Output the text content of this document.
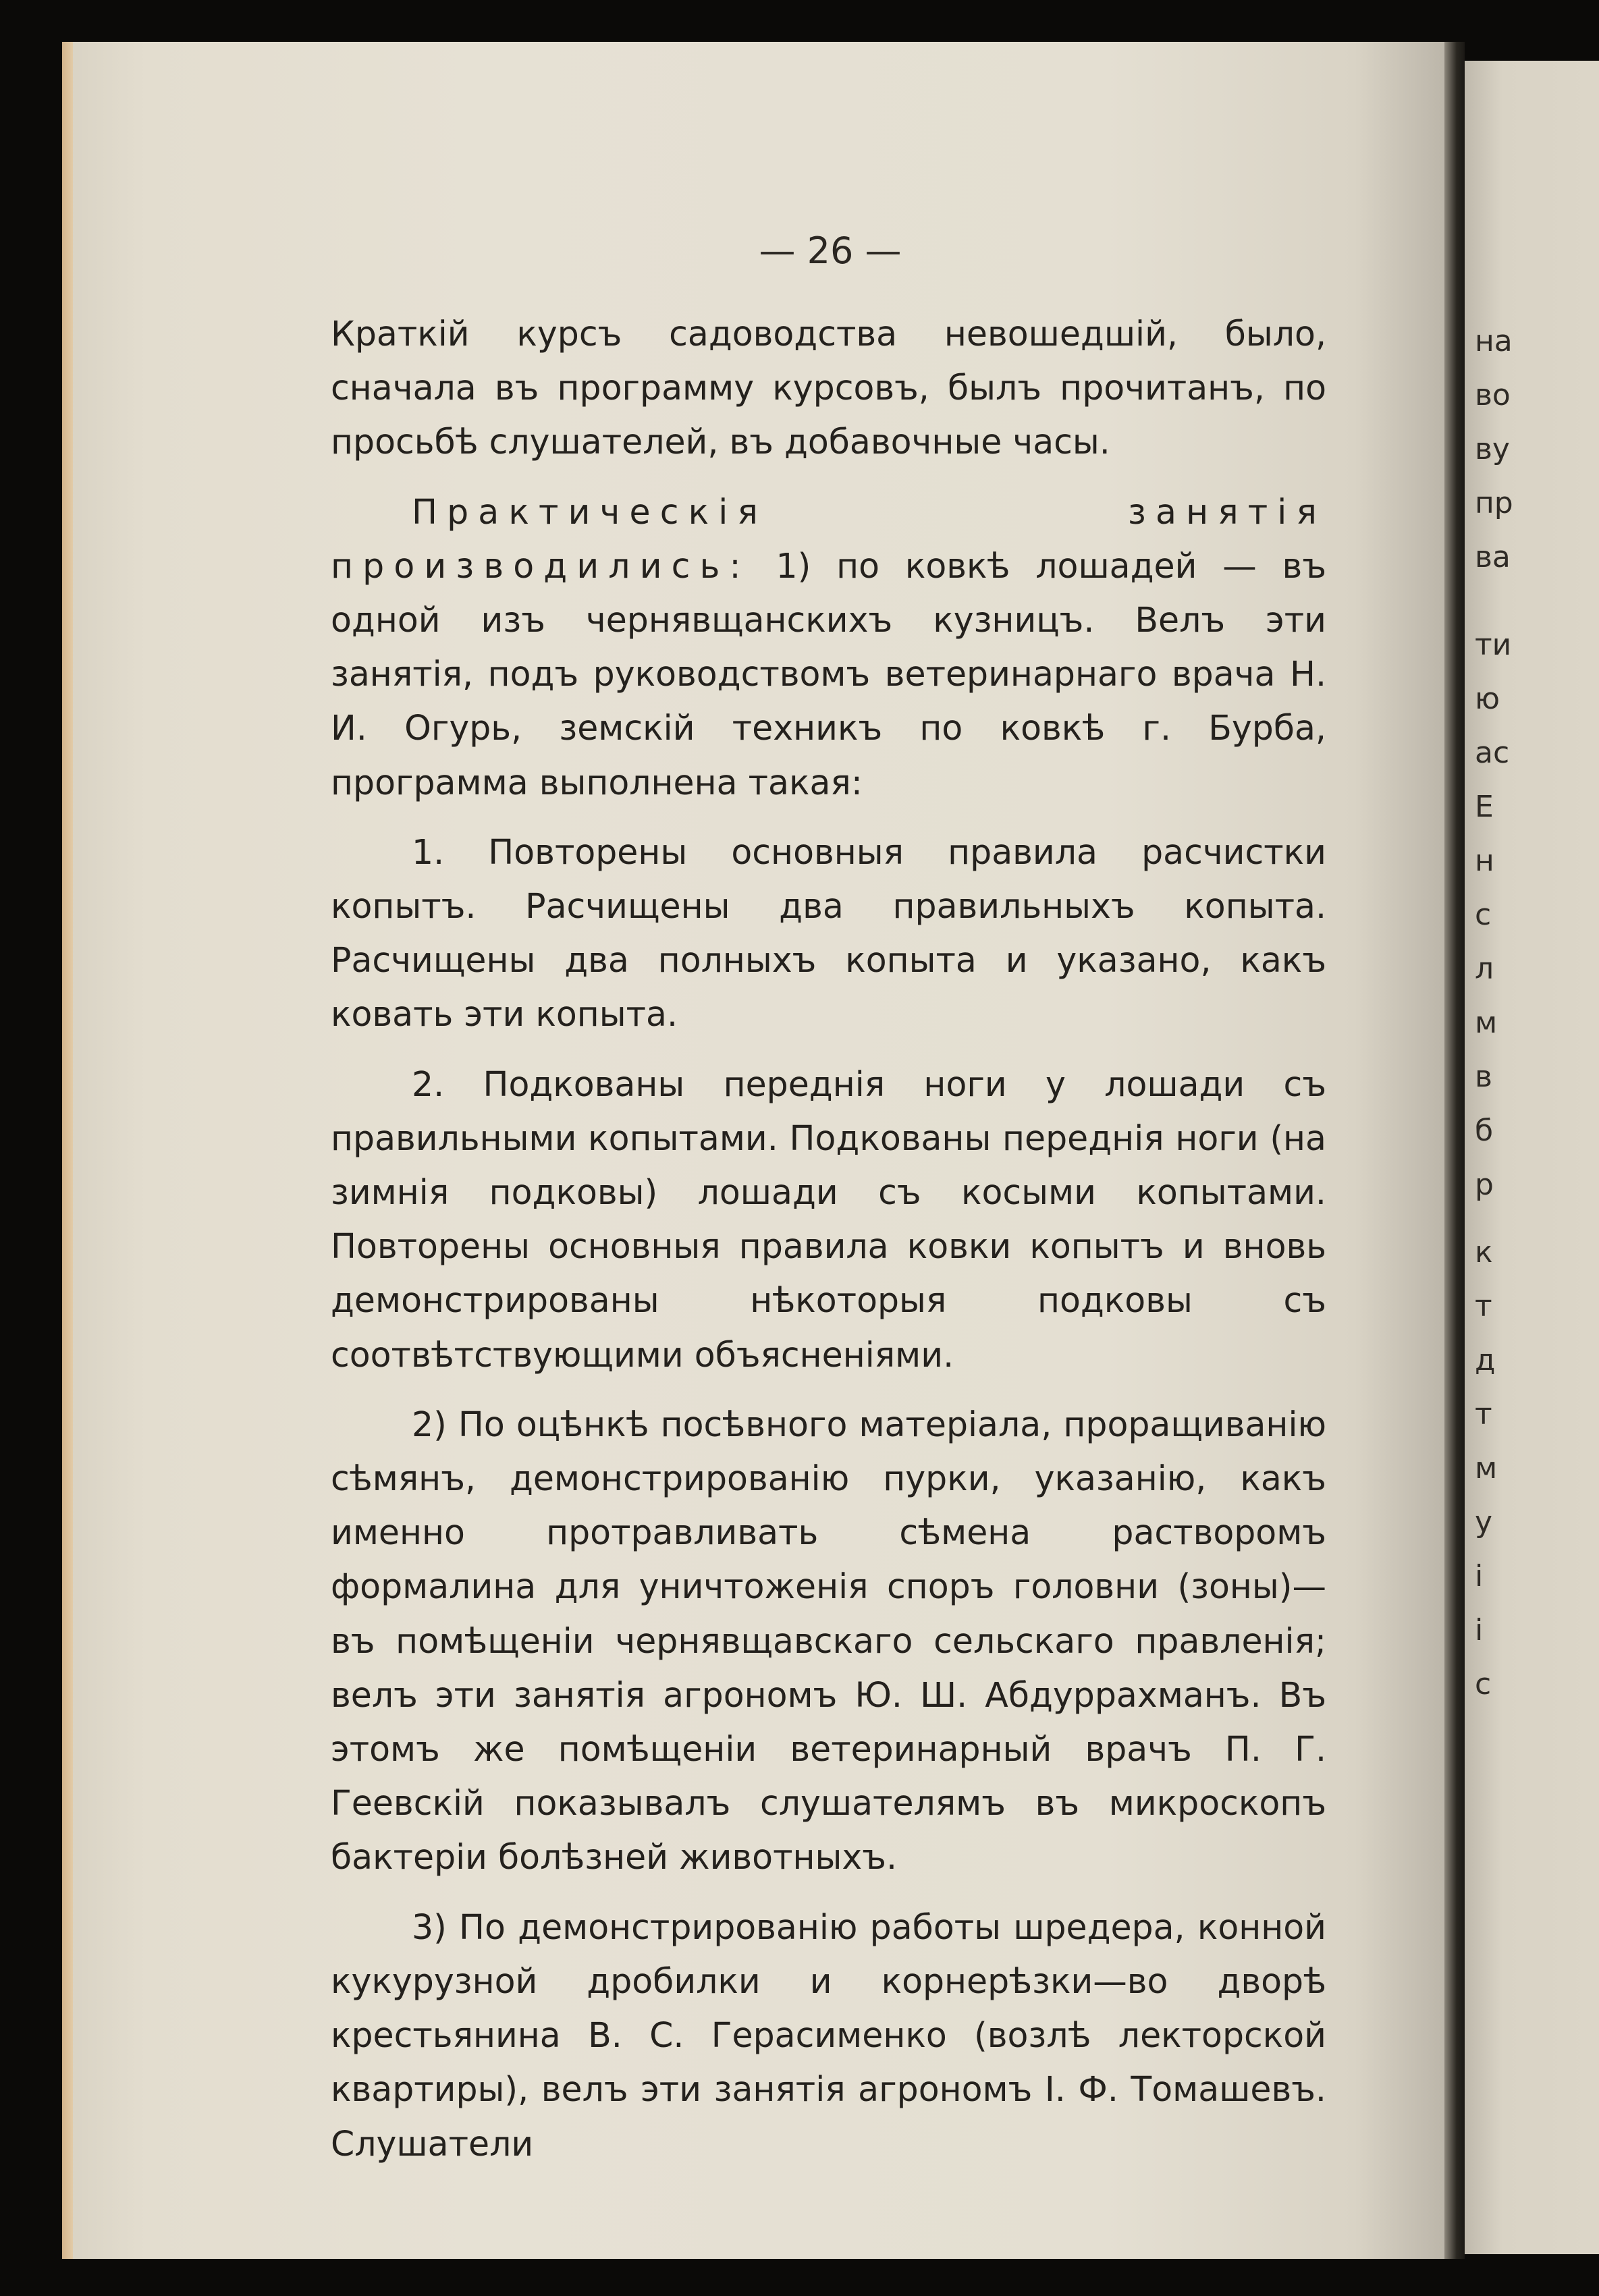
на
во
ву
пр
ва
ти
ю
ас
Е
н
с
л
м
в
б
р
к
т
д
т
м
у
і
і
с
— 26 —

Краткій курсъ садоводства невошедшій, было, сначала въ программу курсовъ, былъ прочитанъ, по просьбѣ слушателей, въ добавочные часы.

Практическія занятія производились: 1) по ковкѣ лошадей — въ одной изъ чернявщанскихъ кузницъ. Велъ эти занятія, подъ руководствомъ ветеринарнаго врача Н. И. Огурь, земскій техникъ по ковкѣ г. Бурба, программа выполнена такая:

1. Повторены основныя правила расчистки копытъ. Расчищены два правильныхъ копыта. Расчищены два полныхъ копыта и указано, какъ ковать эти копыта.

2. Подкованы переднія ноги у лошади съ правильными копытами. Подкованы переднія ноги (на зимнія подковы) лошади съ косыми копытами. Повторены основныя правила ковки копытъ и вновь демонстрированы нѣкоторыя подковы съ соотвѣтствующими объясненіями.

2) По оцѣнкѣ посѣвного матеріала, проращиванію сѣмянъ, демонстрированію пурки, указанію, какъ именно протравливать сѣмена растворомъ формалина для уничтоженія споръ головни (зоны)—въ помѣщеніи чернявщавскаго сельскаго правленія; велъ эти занятія агрономъ Ю. Ш. Абдуррахманъ. Въ этомъ же помѣщеніи ветеринарный врачъ П. Г. Геевскій показывалъ слушателямъ въ микроскопъ бактеріи болѣзней животныхъ.

3) По демонстрированію работы шредера, конной кукурузной дробилки и корнерѣзки—во дворѣ крестьянина В. С. Герасименко (возлѣ лекторской квартиры), велъ эти занятія агрономъ І. Ф. Томашевъ. Слушатели
